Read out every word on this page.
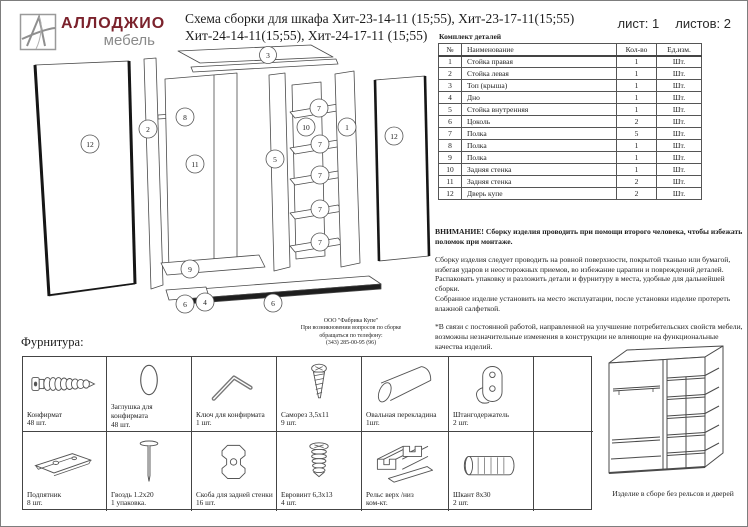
АЛЛОДЖИО
мебель
Схема сборки для шкафа Хит-23-14-11 (15;55), Хит-23-17-11(15;55)
Хит-24-14-11(15;55), Хит-24-17-11 (15;55)
лист: 1 листов: 2
12
2
8
11
9
3
5
10
7
7
7
7
7
1
12
6 4	6
Комплект деталей
№	Наименование	Кол-во	Ед.изм.
1	Стойка правая	1	Шт.
2	Стойка левая	1	Шт.
3	Топ (крыша)	1	Шт.
4	Дно	1	Шт.
5	Стойка внутренняя	1	Шт.
6	Цоколь	2	Шт.
7	Полка	5	Шт.
8	Полка	1	Шт.
9	Полка	1	Шт.
10	Задняя стенка	1	Шт.
11	Задняя стенка	2	Шт.
12	Дверь купе	2	Шт.
ВНИМАНИЕ! Сборку изделия проводить при помощи второго человека, чтобы избежать поломок при монтаже.
Сборку изделия следует проводить на ровной поверхности, покрытой тканью или бумагой, избегая ударов и неосторожных приемов, во избежание царапин и повреждений деталей.
Распаковать упаковку и разложить детали и фурнитуру в места, удобные для дальнейшей сборки.
Собранное изделие установить на место эксплуатации, после установки изделие протереть влажной салфеткой.
*В связи с постоянной работой, направленной на улучшение потребительских свойств мебели, возможны незначительные изменения в конструкции не влияющие на функциональные качества изделий.
ООО "Фабрика Купе"
При возникновении вопросов по сборке
обращаться по телефону:
(343) 285-00-95 (96)
Фурнитура:
Конфирмат
48 шт.
Заглушка для конфирмата
48 шт.
Ключ для конфирмата
1 шт.
Саморез 3,5х11
9 шт.
Овальная перекладина
1шт.
Штангодержатель
2 шт.
Подпятник
8 шт.
Гвоздь 1.2х20
1 упаковка.
Скоба для задней стенки
16 шт.
Евровинт 6,3х13
4 шт.
Рельс верх /низ
ком-кт.
Шкант 8х30
2 шт.
Изделие в сборе без рельсов и дверей
